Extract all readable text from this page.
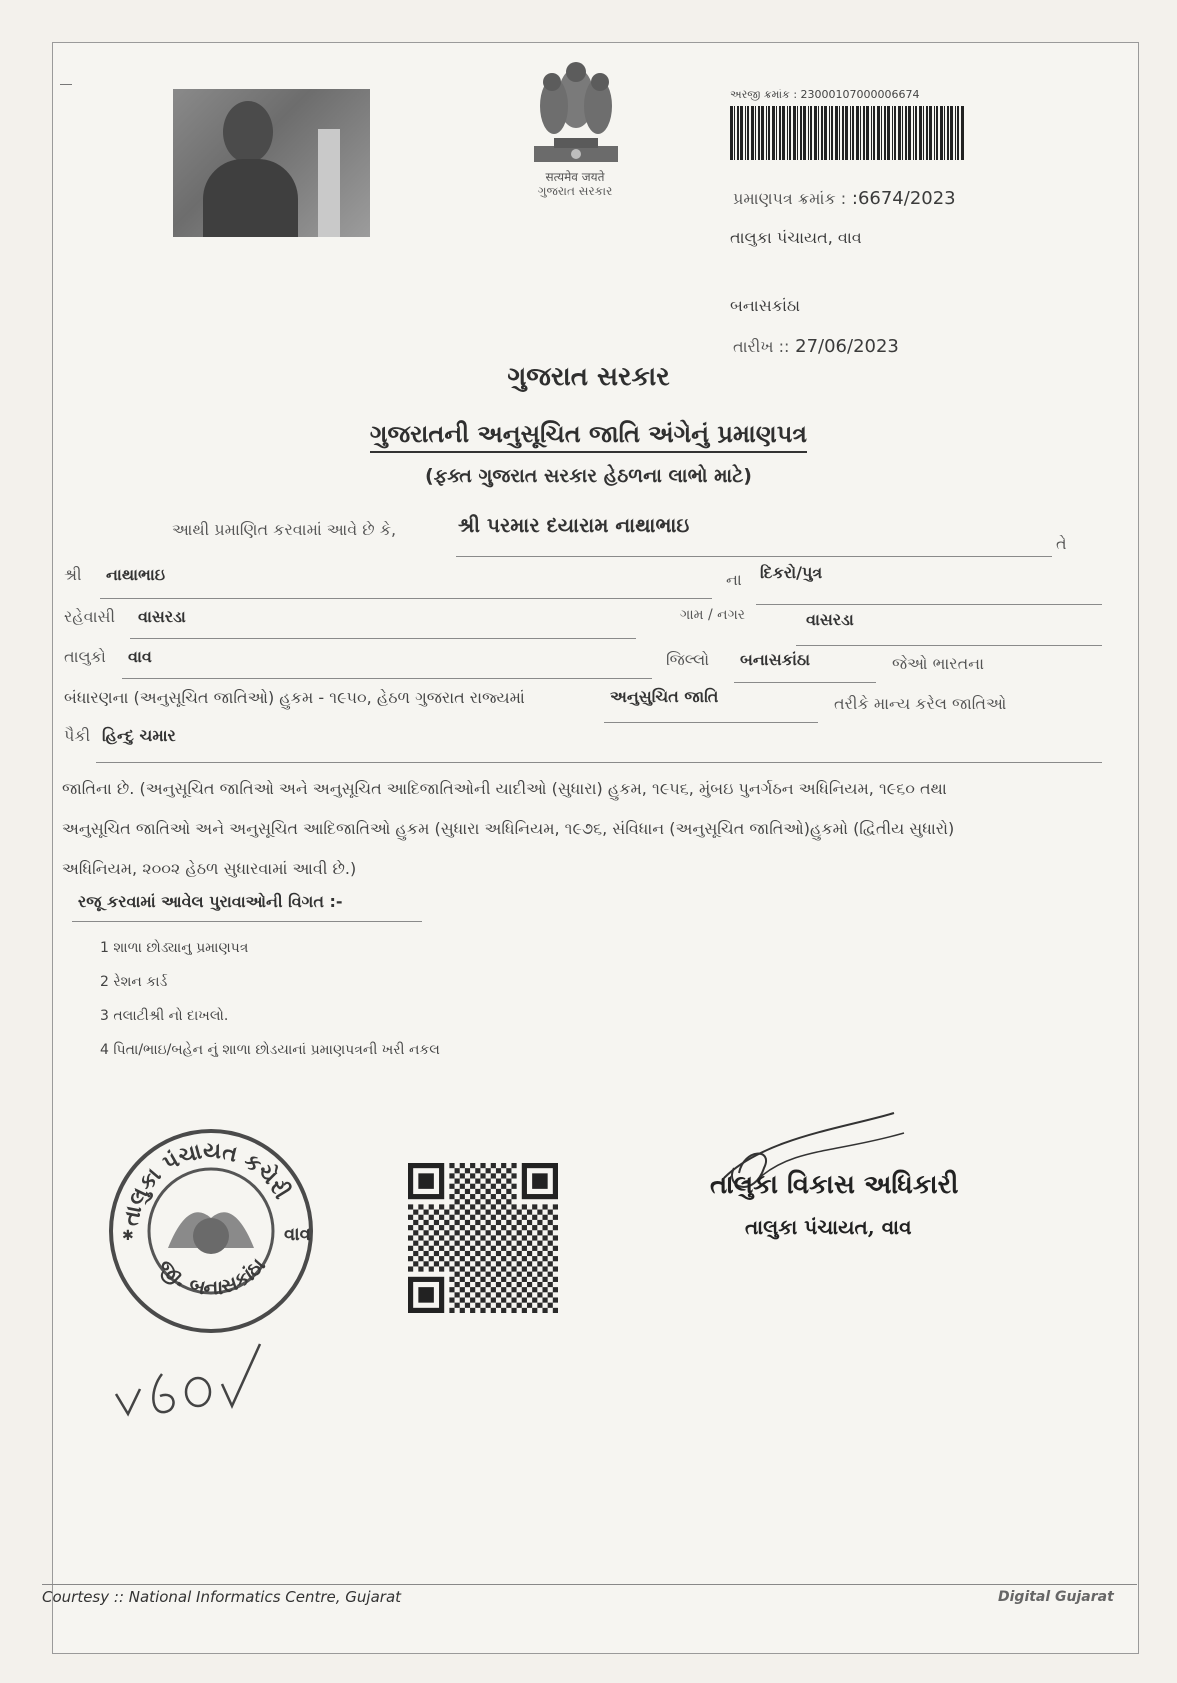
सत्यमेव जयते
ગુજરાત સરકાર
અરજી ક્રમાંક : 2300010700000667​4
પ્રમાણપત્ર ક્રમાંક : :6674/2023
તાલુકા પંચાયત, વાવ
બનાસકાંઠા
તારીખ :: 27/06/2023
ગુજરાત સરકાર
ગુજરાતની અનુસૂચિત જાતિ અંગેનું પ્રમાણપત્ર
(ફક્ત ગુજરાત સરકાર હેઠળના લાભો માટે)
આથી પ્રમાણિત કરવામાં આવે છે કે,	શ્રી પરમાર દયારામ નાથાભાઇ
તે
શ્રી નાથાભાઇ	ના દિકરો/પુત્ર
રહેવાસી વાસરડા	ગામ / નગર	વાસરડા
તાલુકો વાવ	જિલ્લો બનાસકાંઠા	જેઓ ભારતના
બંધારણના (અનુસૂચિત જાતિઓ) હુકમ - ૧૯૫૦, હેઠળ ગુજરાત રાજ્યમાં	અનુસુચિત જાતિ	તરીકે માન્ય કરેલ જાતિઓ
પૈકી હિન્દુ ચમાર
જાતિના છે. (અનુસૂચિત જાતિઓ અને અનુસૂચિત આદિજાતિઓની યાદીઓ (સુધારા) હુકમ, ૧૯૫૬, મુંબઇ પુનર્ગઠન અધિનિયમ, ૧૯૬૦ તથા
અનુસૂચિત જાતિઓ અને અનુસૂચિત આદિજાતિઓ હુકમ (સુધારા અધિનિયમ, ૧૯૭૬, સંવિધાન (અનુસૂચિત જાતિઓ)હુકમો (દ્વિતીય સુધારો)
અધિનિયમ, ૨૦૦૨ હેઠળ સુધારવામાં આવી છે.)
રજૂ કરવામાં આવેલ પુરાવાઓની વિગત :-
1 શાળા છોડ્યાનુ પ્રમાણપત્ર
2 રેશન કાર્ડ
3 તલાટીશ્રી નો દાખલો.
4 પિતા/ભાઇ/બહેન નું શાળા છોડયાનાં પ્રમાણપત્રની ખરી નકલ
તાલુકા પંચાયત કચેરી
જી. બનાસકાંઠા
વાવ
✱
તાલુકા વિકાસ અધિકારી
તાલુકા પંચાયત, વાવ
Courtesy :: National Informatics Centre, Gujarat	Digital Gujarat
